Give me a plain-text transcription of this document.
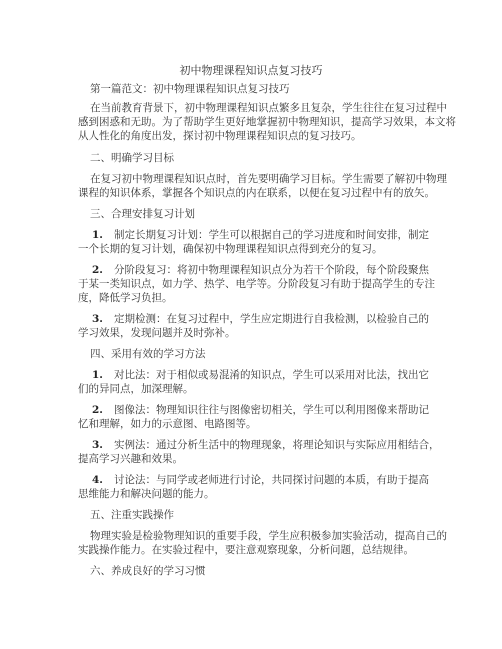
初中物理课程知识点复习技巧
第一篇范文：初中物理课程知识点复习技巧
在当前教育背景下，初中物理课程知识点繁多且复杂，学生往往在复习过程中
感到困惑和无助。为了帮助学生更好地掌握初中物理知识，提高学习效果，本文将
从人性化的角度出发，探讨初中物理课程知识点的复习技巧。
二、明确学习目标
在复习初中物理课程知识点时，首先要明确学习目标。学生需要了解初中物理
课程的知识体系，掌握各个知识点的内在联系，以便在复习过程中有的放矢。
三、合理安排复习计划
1. 制定长期复习计划：学生可以根据自己的学习进度和时间安排，制定
一个长期的复习计划，确保初中物理课程知识点得到充分的复习。
2. 分阶段复习：将初中物理课程知识点分为若干个阶段，每个阶段聚焦
于某一类知识点，如力学、热学、电学等。分阶段复习有助于提高学生的专注
度，降低学习负担。
3. 定期检测：在复习过程中，学生应定期进行自我检测，以检验自己的
学习效果，发现问题并及时弥补。
四、采用有效的学习方法
1. 对比法：对于相似或易混淆的知识点，学生可以采用对比法，找出它
们的异同点，加深理解。
2. 图像法：物理知识往往与图像密切相关，学生可以利用图像来帮助记
忆和理解，如力的示意图、电路图等。
3. 实例法：通过分析生活中的物理现象，将理论知识与实际应用相结合，
提高学习兴趣和效果。
4. 讨论法：与同学或老师进行讨论，共同探讨问题的本质，有助于提高
思维能力和解决问题的能力。
五、注重实践操作
物理实验是检验物理知识的重要手段，学生应积极参加实验活动，提高自己的
实践操作能力。在实验过程中，要注意观察现象，分析问题，总结规律。
六、养成良好的学习习惯
